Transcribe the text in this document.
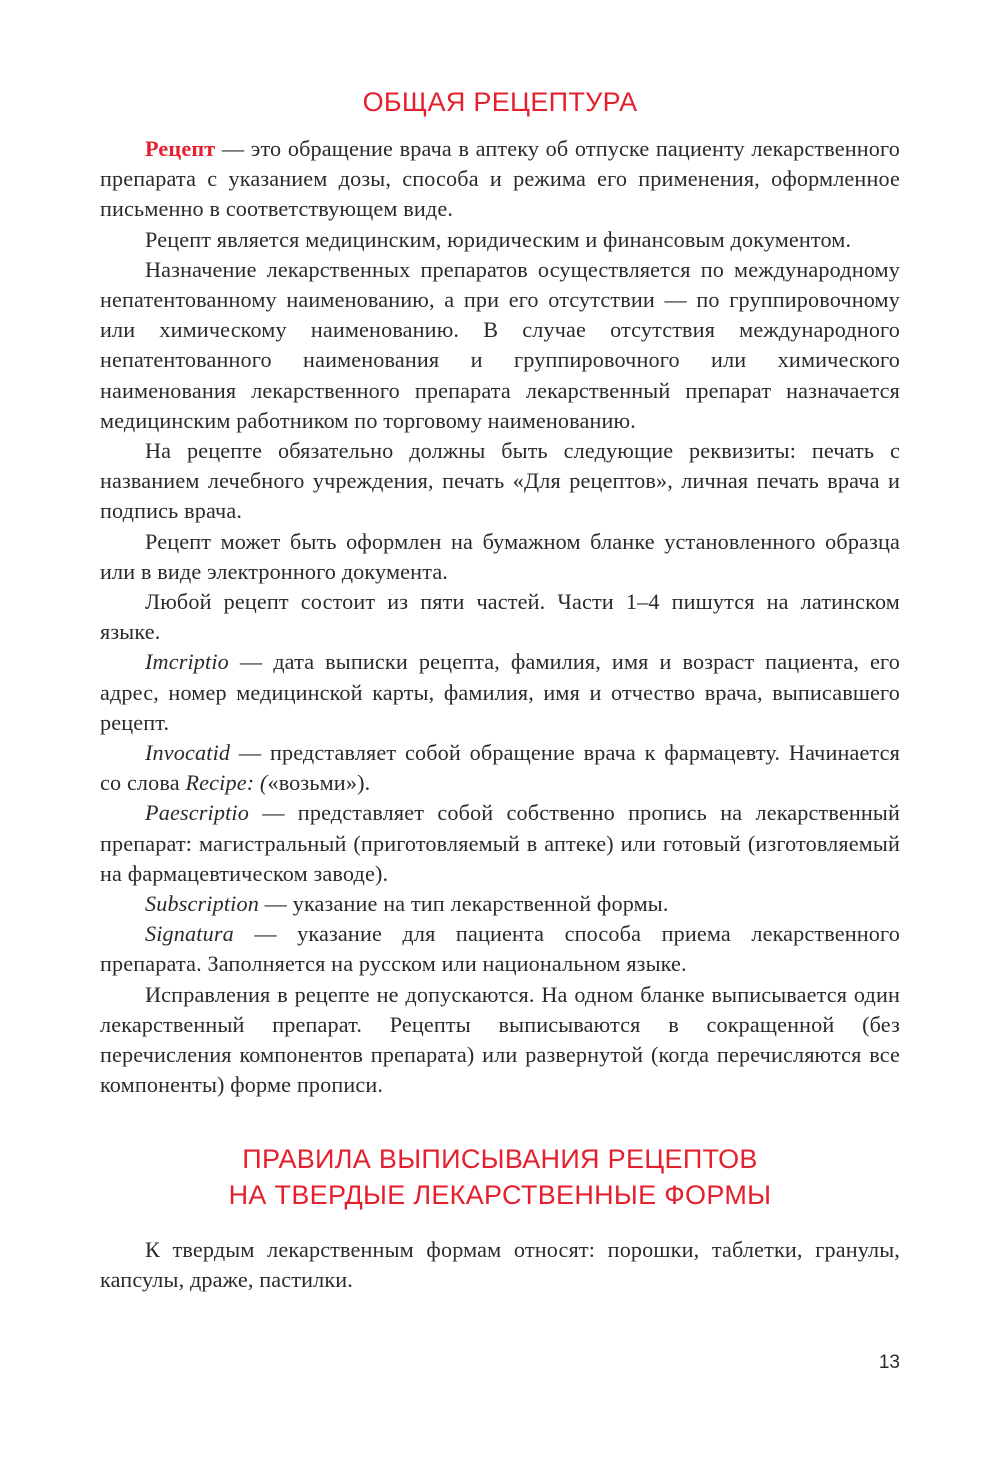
ОБЩАЯ РЕЦЕПТУРА

Рецепт — это обращение врача в аптеку об отпуске пациенту лекарственного препарата с указанием дозы, способа и режима его применения, оформленное письменно в соответствующем виде.

Рецепт является медицинским, юридическим и финансовым документом.

Назначение лекарственных препаратов осуществляется по международному непатентованному наименованию, а при его отсутствии — по группировочному или химическому наименованию. В случае отсутствия международного непатентованного наименования и группировочного или химического наименования лекарственного препарата лекарственный препарат назначается медицинским работником по торговому наименованию.

На рецепте обязательно должны быть следующие реквизиты: печать с названием лечебного учреждения, печать «Для рецептов», личная печать врача и подпись врача.

Рецепт может быть оформлен на бумажном бланке установленного образца или в виде электронного документа.

Любой рецепт состоит из пяти частей. Части 1–4 пишутся на латинском языке.

Imcriptio — дата выписки рецепта, фамилия, имя и возраст пациента, его адрес, номер медицинской карты, фамилия, имя и отчество врача, выписавшего рецепт.

Invocatid — представляет собой обращение врача к фармацевту. Начинается со слова Recipe: («возьми»).

Paescriptio — представляет собой собственно пропись на лекарственный препарат: магистральный (приготовляемый в аптеке) или готовый (изготовляемый на фармацевтическом заводе).

Subscription — указание на тип лекарственной формы.

Signatura — указание для пациента способа приема лекарственного препарата. Заполняется на русском или национальном языке.

Исправления в рецепте не допускаются. На одном бланке выписывается один лекарственный препарат. Рецепты выписываются в сокращенной (без перечисления компонентов препарата) или развернутой (когда перечисляются все компоненты) форме прописи.

ПРАВИЛА ВЫПИСЫВАНИЯ РЕЦЕПТОВ
НА ТВЕРДЫЕ ЛЕКАРСТВЕННЫЕ ФОРМЫ

К твердым лекарственным формам относят: порошки, таблетки, гранулы, капсулы, драже, пастилки.

13
